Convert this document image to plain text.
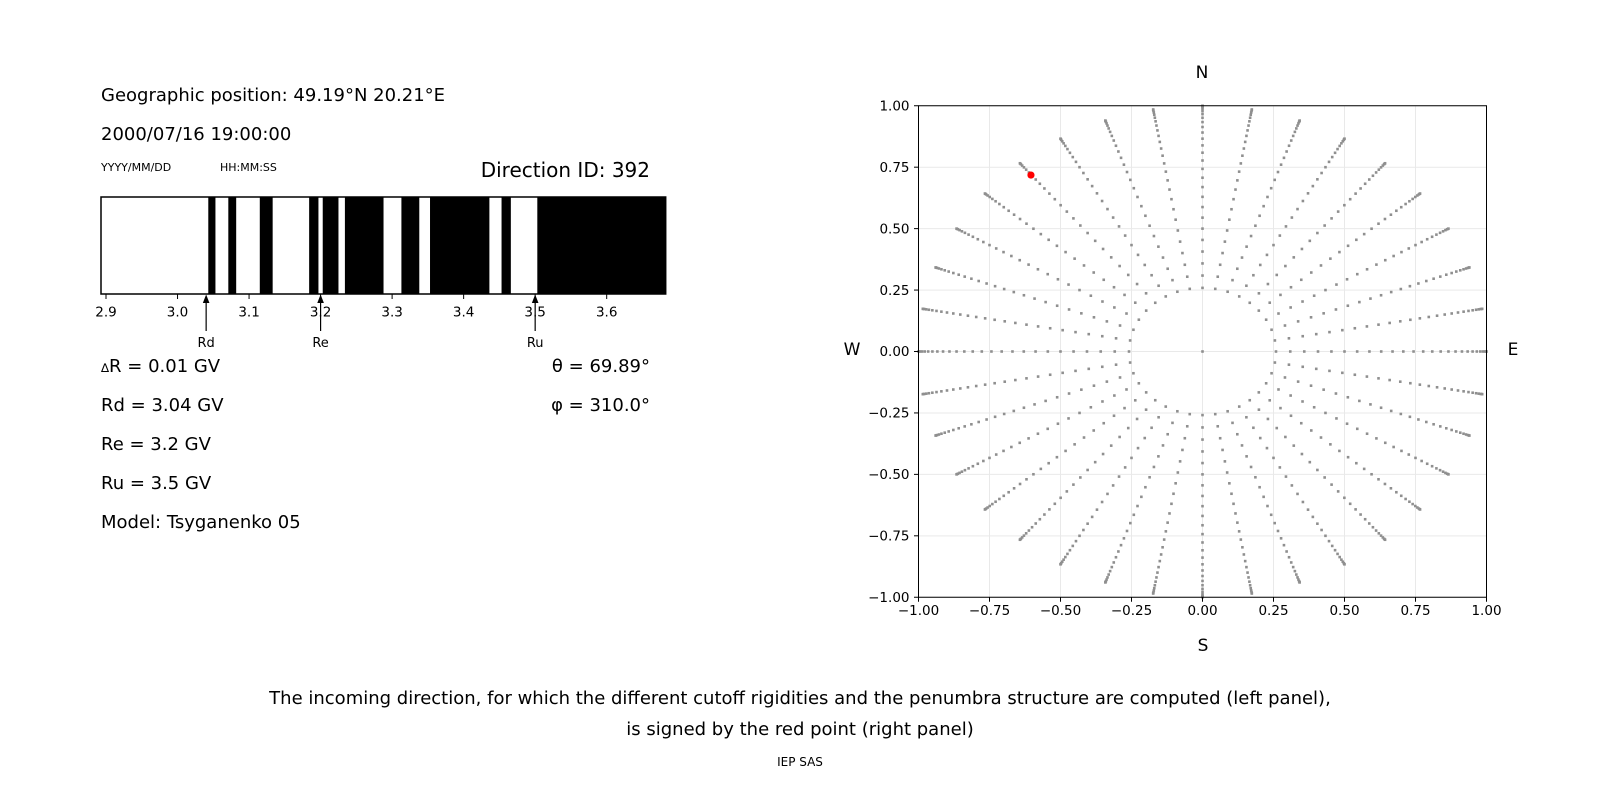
Geographic position: 49.19°N 20.21°E
2000/07/16 19:00:00
YYYY/MM/DD	HH:MM:SS	Direction ID: 392
2.9	3.0	3.1	3.2	3.3	3.4	3.5	3.6
Rd	Re	Ru
∆R = 0.01 GV
Rd = 3.04 GV
Re = 3.2 GV
Ru = 3.5 GV
Model: Tsyganenko 05
θ = 69.89°
φ = 310.0°
−1.00 −0.75 −0.50 −0.25	0.00	0.25	0.50	0.75	1.00
−1.00
−0.75
−0.50
−0.25
0.00
0.25
0.50
0.75
1.00
N
S
W	E
The incoming direction, for which the different cutoff rigidities and the penumbra structure are computed (left panel),
is signed by the red point (right panel)
IEP SAS
